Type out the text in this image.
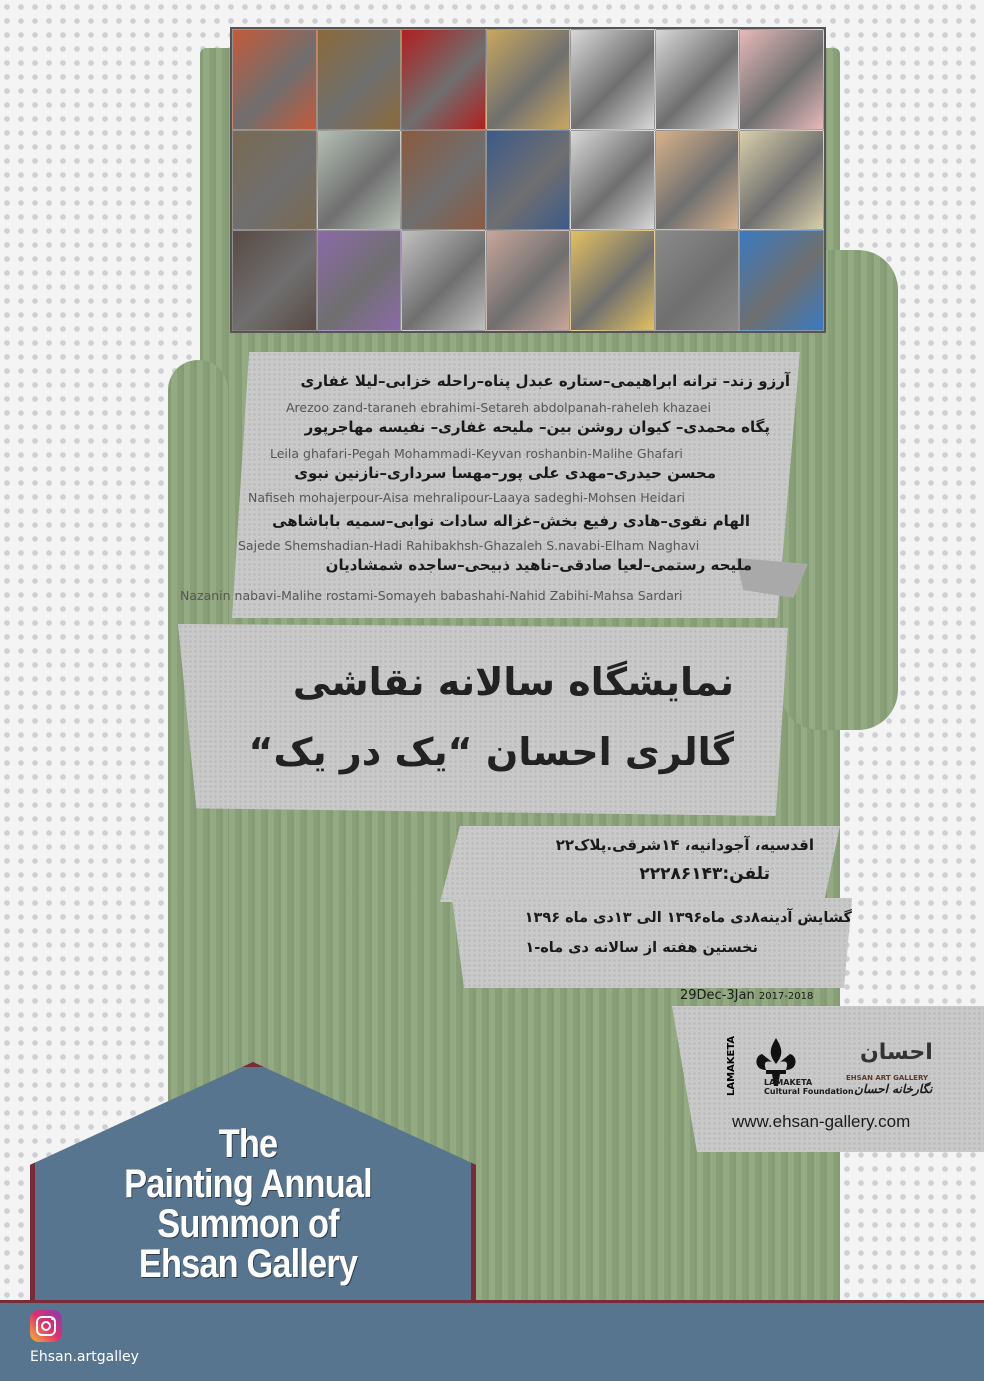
آرزو زند– ترانه ابراهیمی–ستاره عبدل پناه–راحله خزابی–لیلا غفاری

Arezoo zand-taraneh ebrahimi-Setareh abdolpanah-raheleh khazaei

پگاه محمدی– کیوان روشن بین– ملیحه غفاری– نفیسه مهاجرپور

Leila ghafari-Pegah Mohammadi-Keyvan roshanbin-Malihe Ghafari

محسن حیدری–مهدی علی پور–مهسا سرداری–نازنین نبوی

Nafiseh mohajerpour-Aisa mehralipour-Laaya sadeghi-Mohsen Heidari

الهام نقوی–هادی رفیع بخش–غزاله سادات نوابی–سمیه باباشاهی

Sajede Shemshadian-Hadi Rahibakhsh-Ghazaleh S.navabi-Elham Naghavi

ملیحه رستمی–لعیا صادقی–ناهید ذبیحی–ساجده شمشادیان

Nazanin nabavi-Malihe rostami-Somayeh babashahi-Nahid Zabihi-Mahsa Sardari

نمایشگاه سالانه نقاشی

گالری احسان “یک در یک“

اقدسیه، آجودانیه، ۱۴شرقی.پلاک۲۲

تلفن:۲۲۲۸۶۱۴۳

گشایش آدینه۸دی ماه۱۳۹۶ الی ۱۳دی ماه ۱۳۹۶

نخستین هفته از سالانه دی ماه-۱

29Dec-3Jan 2017-2018

LAMAKETA	LAMAKETA
Cultural Foundation

احسان

EHSAN ART GALLERY

نگارخانه احسان

www.ehsan-gallery.com

The
Painting Annual
Summon of
Ehsan Gallery

Ehsan.artgalley
